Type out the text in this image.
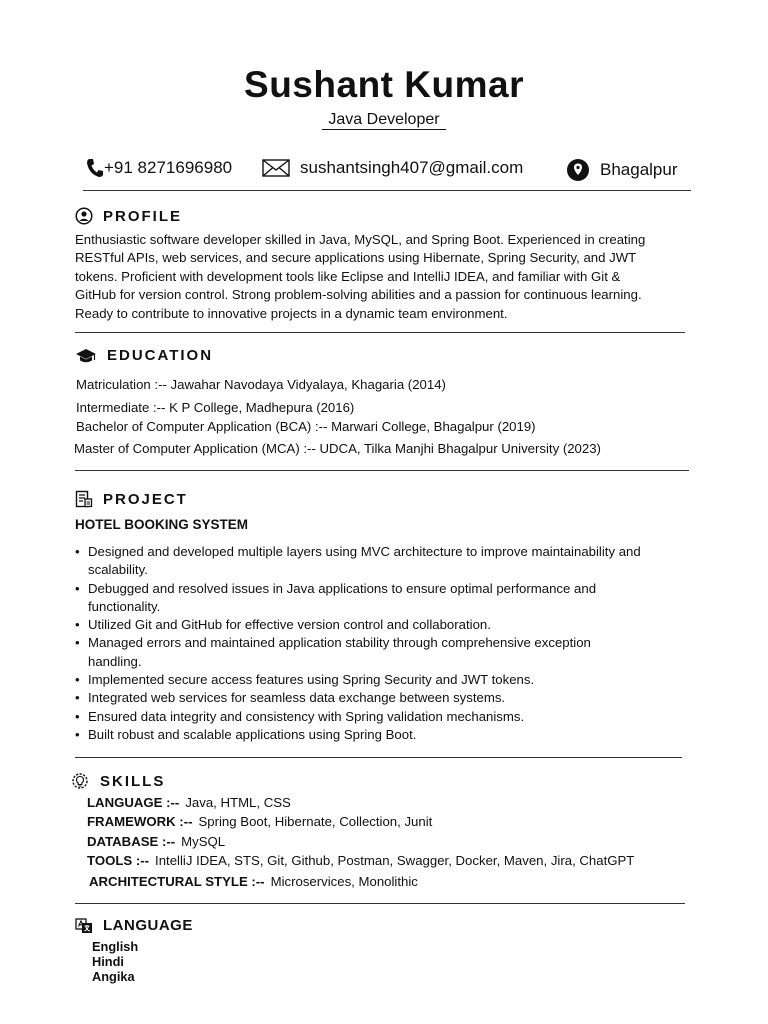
Sushant Kumar
Java Developer
+91 8271696980	sushantsingh407@gmail.com	Bhagalpur
PROFILE
Enthusiastic software developer skilled in Java, MySQL, and Spring Boot. Experienced in creating
RESTful APIs, web services, and secure applications using Hibernate, Spring Security, and JWT
tokens. Proficient with development tools like Eclipse and IntelliJ IDEA, and familiar with Git &
GitHub for version control. Strong problem-solving abilities and a passion for continuous learning.
Ready to contribute to innovative projects in a dynamic team environment.
EDUCATION
Matriculation :-- Jawahar Navodaya Vidyalaya, Khagaria (2014)
Intermediate :-- K P College, Madhepura (2016)
Bachelor of Computer Application (BCA) :-- Marwari College, Bhagalpur (2019)
Master of Computer Application (MCA) :-- UDCA, Tilka Manjhi Bhagalpur University (2023)
PROJECT
HOTEL BOOKING SYSTEM
• Designed and developed multiple layers using MVC architecture to improve maintainability and
scalability.
• Debugged and resolved issues in Java applications to ensure optimal performance and
functionality.
• Utilized Git and GitHub for effective version control and collaboration.
• Managed errors and maintained application stability through comprehensive exception
handling.
• Implemented secure access features using Spring Security and JWT tokens.
• Integrated web services for seamless data exchange between systems.
• Ensured data integrity and consistency with Spring validation mechanisms.
• Built robust and scalable applications using Spring Boot.
SKILLS
LANGUAGE :-- Java, HTML, CSS
FRAMEWORK :-- Spring Boot, Hibernate, Collection, Junit
DATABASE :-- MySQL
TOOLS :-- IntelliJ IDEA, STS, Git, Github, Postman, Swagger, Docker, Maven, Jira, ChatGPT
ARCHITECTURAL STYLE :-- Microservices, Monolithic
LANGUAGE
English
Hindi
Angika
